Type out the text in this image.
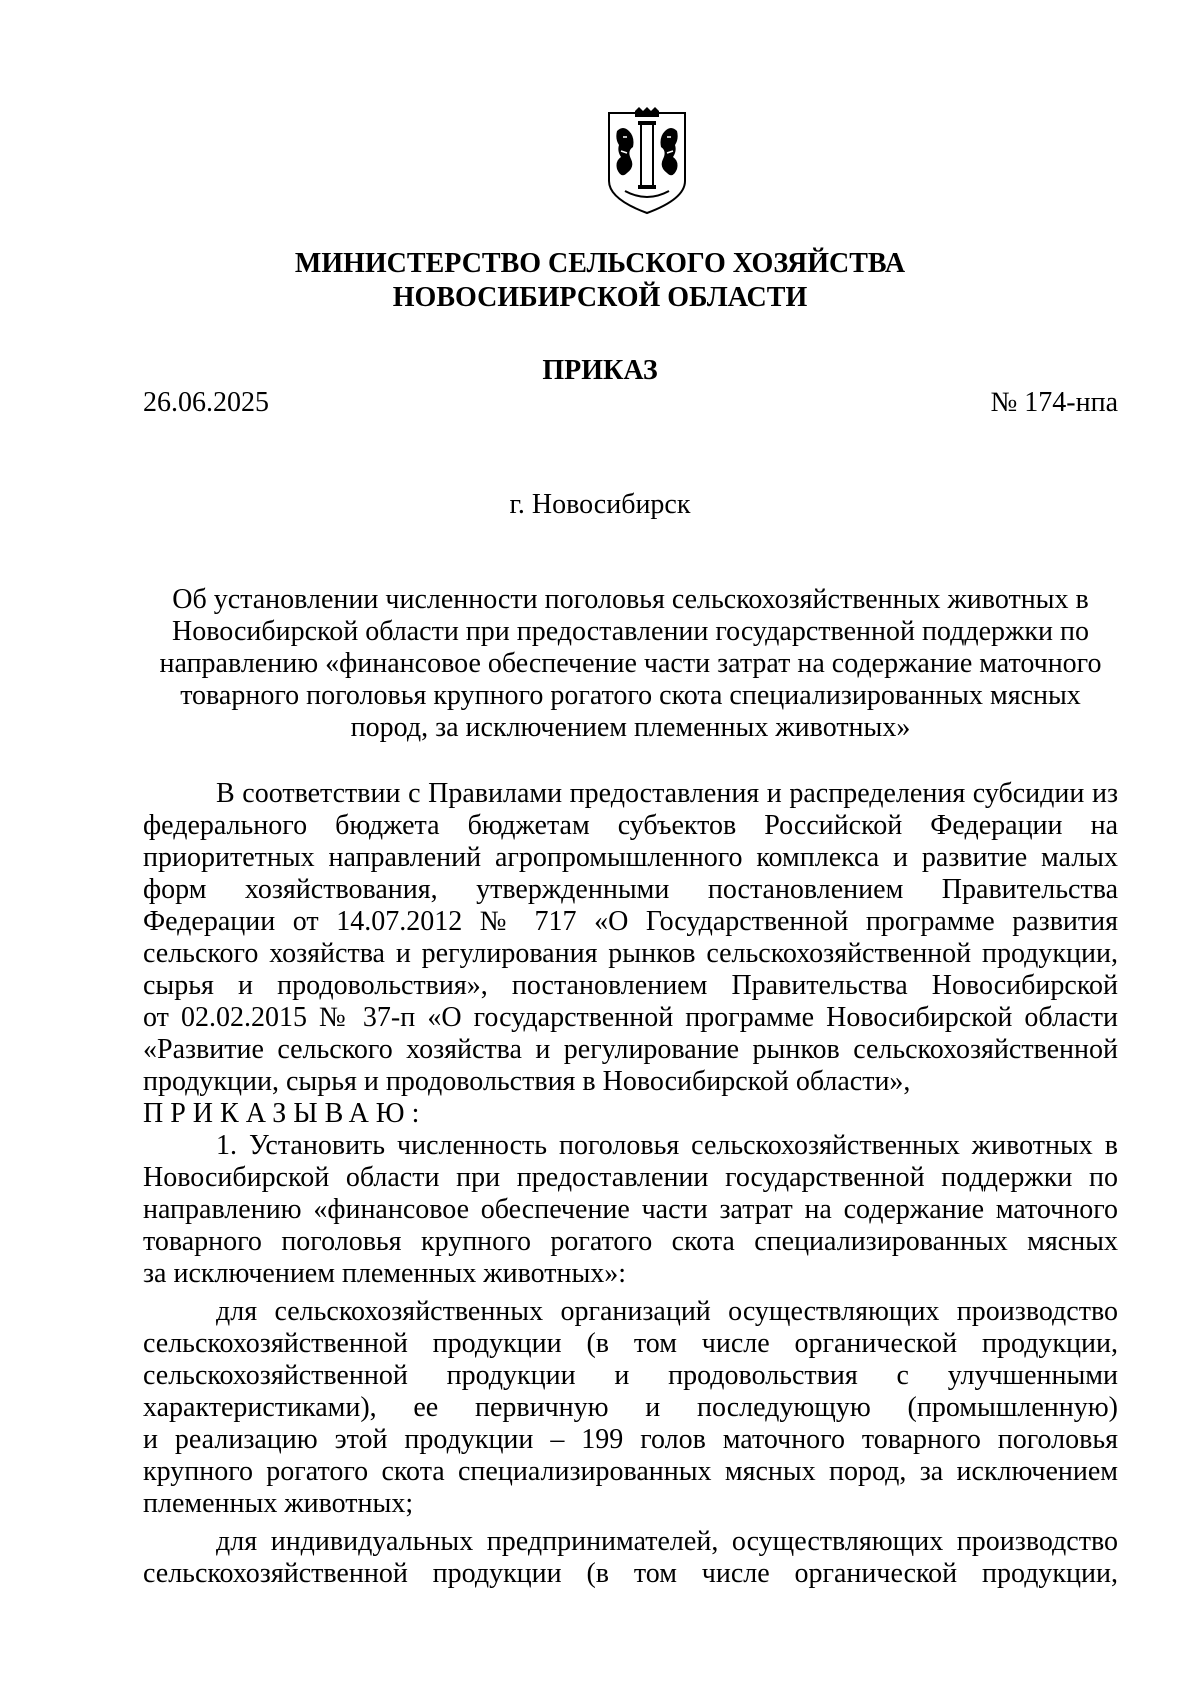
МИНИСТЕРСТВО СЕЛЬСКОГО ХОЗЯЙСТВА
НОВОСИБИРСКОЙ ОБЛАСТИ
ПРИКАЗ
26.06.2025	№ 174-нпа
г. Новосибирск
Об установлении численности поголовья сельскохозяйственных животных в
Новосибирской области при предоставлении государственной поддержки по
направлению «финансовое обеспечение части затрат на содержание маточного
товарного поголовья крупного рогатого скота специализированных мясных
пород, за исключением племенных животных»
В соответствии с Правилами предоставления и распределения субсидии из
федерального бюджета бюджетам субъектов Российской Федерации на
приоритетных направлений агропромышленного комплекса и развитие малых
форм хозяйствования, утвержденными постановлением Правительства
Федерации от 14.07.2012 № 717 «О Государственной программе развития
сельского хозяйства и регулирования рынков сельскохозяйственной продукции,
сырья и продовольствия», постановлением Правительства Новосибирской
от 02.02.2015 № 37-п «О государственной программе Новосибирской области
«Развитие сельского хозяйства и регулирование рынков сельскохозяйственной
продукции, сырья и продовольствия в Новосибирской области»,
ПРИКАЗЫВАЮ:
1. Установить численность поголовья сельскохозяйственных животных в
Новосибирской области при предоставлении государственной поддержки по
направлению «финансовое обеспечение части затрат на содержание маточного
товарного поголовья крупного рогатого скота специализированных мясных
за исключением племенных животных»:
для сельскохозяйственных организаций осуществляющих производство
сельскохозяйственной продукции (в том числе органической продукции,
сельскохозяйственной продукции и продовольствия с улучшенными
характеристиками), ее первичную и последующую (промышленную)
и реализацию этой продукции – 199 голов маточного товарного поголовья
крупного рогатого скота специализированных мясных пород, за исключением
племенных животных;
для индивидуальных предпринимателей, осуществляющих производство
сельскохозяйственной продукции (в том числе органической продукции,
